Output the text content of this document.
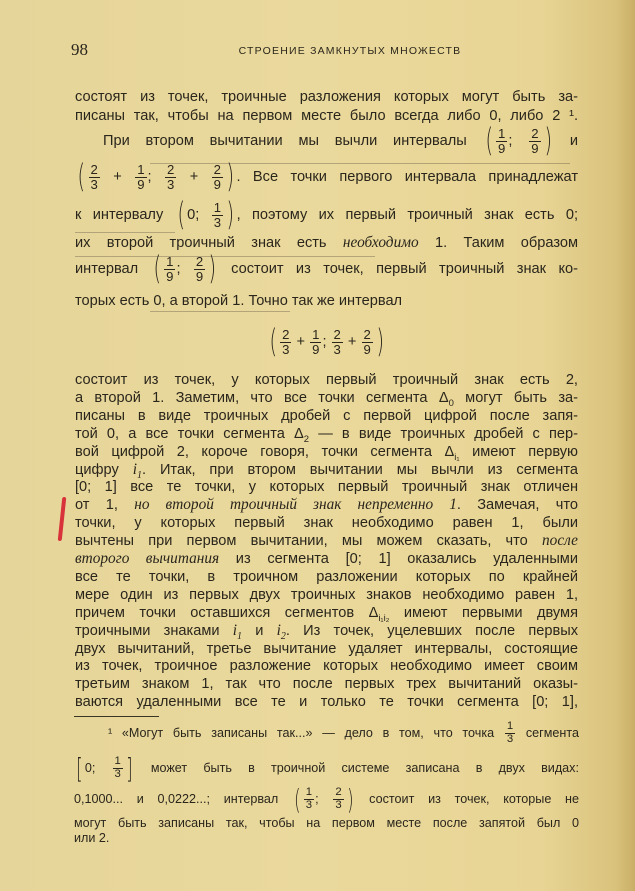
98	СТРОЕНИЕ ЗАМКНУТЫХ МНОЖЕСТВ
состоят из точек, троичные разложения которых могут быть за-
писаны так, чтобы на первом месте было всегда либо 0, либо 2 ¹.
При втором вычитании мы вычли интервалы ( $\frac{1}{9}$ ; $\frac{2}{9}$ ) и
( $\frac{2}{3} + \frac{1}{9}$ ; $\frac{2}{3} + \frac{2}{9}$ ) . Все точки первого интервала принадлежат
к интервалу ( 0; $\frac{1}{3}$ ) , поэтому их первый троичный знак есть 0;
их второй троичный знак есть необходимо 1. Таким образом
интервал ( $\frac{1}{9}$ ; $\frac{2}{9}$ ) состоит из точек, первый троичный знак ко-
торых есть 0, а второй 1. Точно так же интервал
( $\frac{2}{3} + \frac{1}{9}$ ; $\frac{2}{3} + \frac{2}{9}$ )
состоит из точек, у которых первый троичный знак есть 2,
а второй 1. Заметим, что все точки сегмента $\Delta_0$ могут быть за-
писаны в виде троичных дробей с первой цифрой после запя-
той 0, а все точки сегмента $\Delta_2$ — в виде троичных дробей с пер-
вой цифрой 2, короче говоря, точки сегмента $\Delta_{i_1}$ имеют первую
цифру $i_1$. Итак, при втором вычитании мы вычли из сегмента
[0; 1] все те точки, у которых первый троичный знак отличен
от 1, но второй троичный знак непременно 1. Замечая, что
точки, у которых первый знак необходимо равен 1, были
вычтены при первом вычитании, мы можем сказать, что после
второго вычитания из сегмента [0; 1] оказались удаленными
все те точки, в троичном разложении которых по крайней
мере один из первых двух троичных знаков необходимо равен 1,
причем точки оставшихся сегментов $\Delta_{i_1i_2}$ имеют первыми двумя
троичными знаками $i_1$ и $i_2$. Из точек, уцелевших после первых
двух вычитаний, третье вычитание удаляет интервалы, состоящие
из точек, троичное разложение которых необходимо имеет своим
третьим знаком 1, так что после первых трех вычитаний оказы-
ваются удаленными все те и только те точки сегмента [0; 1],
¹ «Могут быть записаны так...» — дело в том, что точка $\frac{1}{3}$ сегмента
[ 0; $\frac{1}{3}$ ] может быть в троичной системе записана в двух видах:
0,1000... и 0,0222...; интервал ( $\frac{1}{3}$ ; $\frac{2}{3}$ ) состоит из точек, которые не
могут быть записаны так, чтобы на первом месте после запятой был 0
или 2.
